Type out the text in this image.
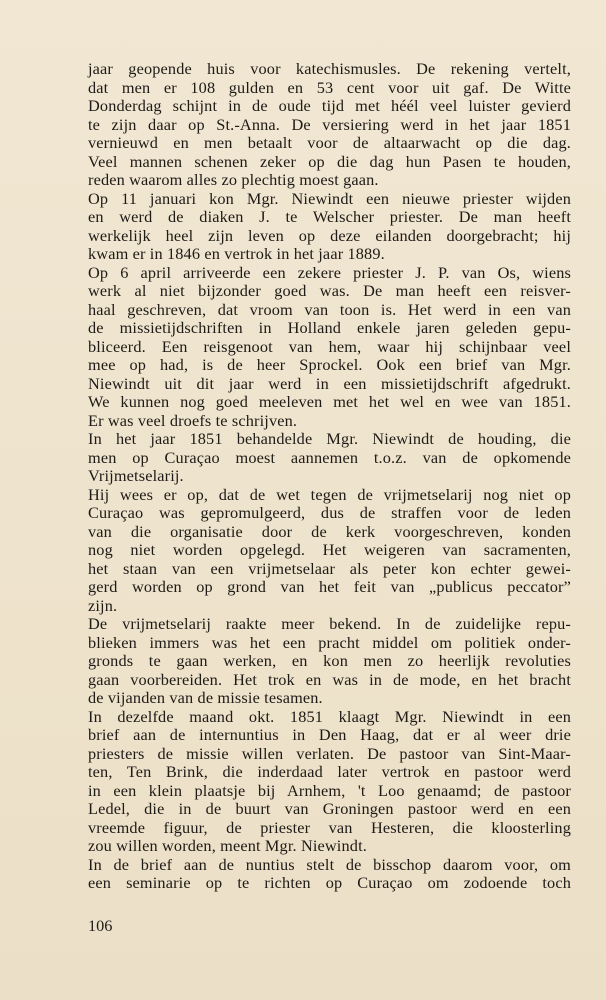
jaar geopende huis voor katechismusles. De rekening vertelt,
dat men er 108 gulden en 53 cent voor uit gaf. De Witte
Donderdag schijnt in de oude tijd met héél veel luister gevierd
te zijn daar op St.-Anna. De versiering werd in het jaar 1851
vernieuwd en men betaalt voor de altaarwacht op die dag.
Veel mannen schenen zeker op die dag hun Pasen te houden,
reden waarom alles zo plechtig moest gaan.
Op 11 januari kon Mgr. Niewindt een nieuwe priester wijden
en werd de diaken J. te Welscher priester. De man heeft
werkelijk heel zijn leven op deze eilanden doorgebracht; hij
kwam er in 1846 en vertrok in het jaar 1889.
Op 6 april arriveerde een zekere priester J. P. van Os, wiens
werk al niet bijzonder goed was. De man heeft een reisver-
haal geschreven, dat vroom van toon is. Het werd in een van
de missietijdschriften in Holland enkele jaren geleden gepu-
bliceerd. Een reisgenoot van hem, waar hij schijnbaar veel
mee op had, is de heer Sprockel. Ook een brief van Mgr.
Niewindt uit dit jaar werd in een missietijdschrift afgedrukt.
We kunnen nog goed meeleven met het wel en wee van 1851.
Er was veel droefs te schrijven.
In het jaar 1851 behandelde Mgr. Niewindt de houding, die
men op Curaçao moest aannemen t.o.z. van de opkomende
Vrijmetselarij.
Hij wees er op, dat de wet tegen de vrijmetselarij nog niet op
Curaçao was gepromulgeerd, dus de straffen voor de leden
van die organisatie door de kerk voorgeschreven, konden
nog niet worden opgelegd. Het weigeren van sacramenten,
het staan van een vrijmetselaar als peter kon echter gewei-
gerd worden op grond van het feit van „publicus peccator”
zijn.
De vrijmetselarij raakte meer bekend. In de zuidelijke repu-
blieken immers was het een pracht middel om politiek onder-
gronds te gaan werken, en kon men zo heerlijk revoluties
gaan voorbereiden. Het trok en was in de mode, en het bracht
de vijanden van de missie tesamen.
In dezelfde maand okt. 1851 klaagt Mgr. Niewindt in een
brief aan de internuntius in Den Haag, dat er al weer drie
priesters de missie willen verlaten. De pastoor van Sint-Maar-
ten, Ten Brink, die inderdaad later vertrok en pastoor werd
in een klein plaatsje bij Arnhem, 't Loo genaamd; de pastoor
Ledel, die in de buurt van Groningen pastoor werd en een
vreemde figuur, de priester van Hesteren, die kloosterling
zou willen worden, meent Mgr. Niewindt.
In de brief aan de nuntius stelt de bisschop daarom voor, om
een seminarie op te richten op Curaçao om zodoende toch
106
